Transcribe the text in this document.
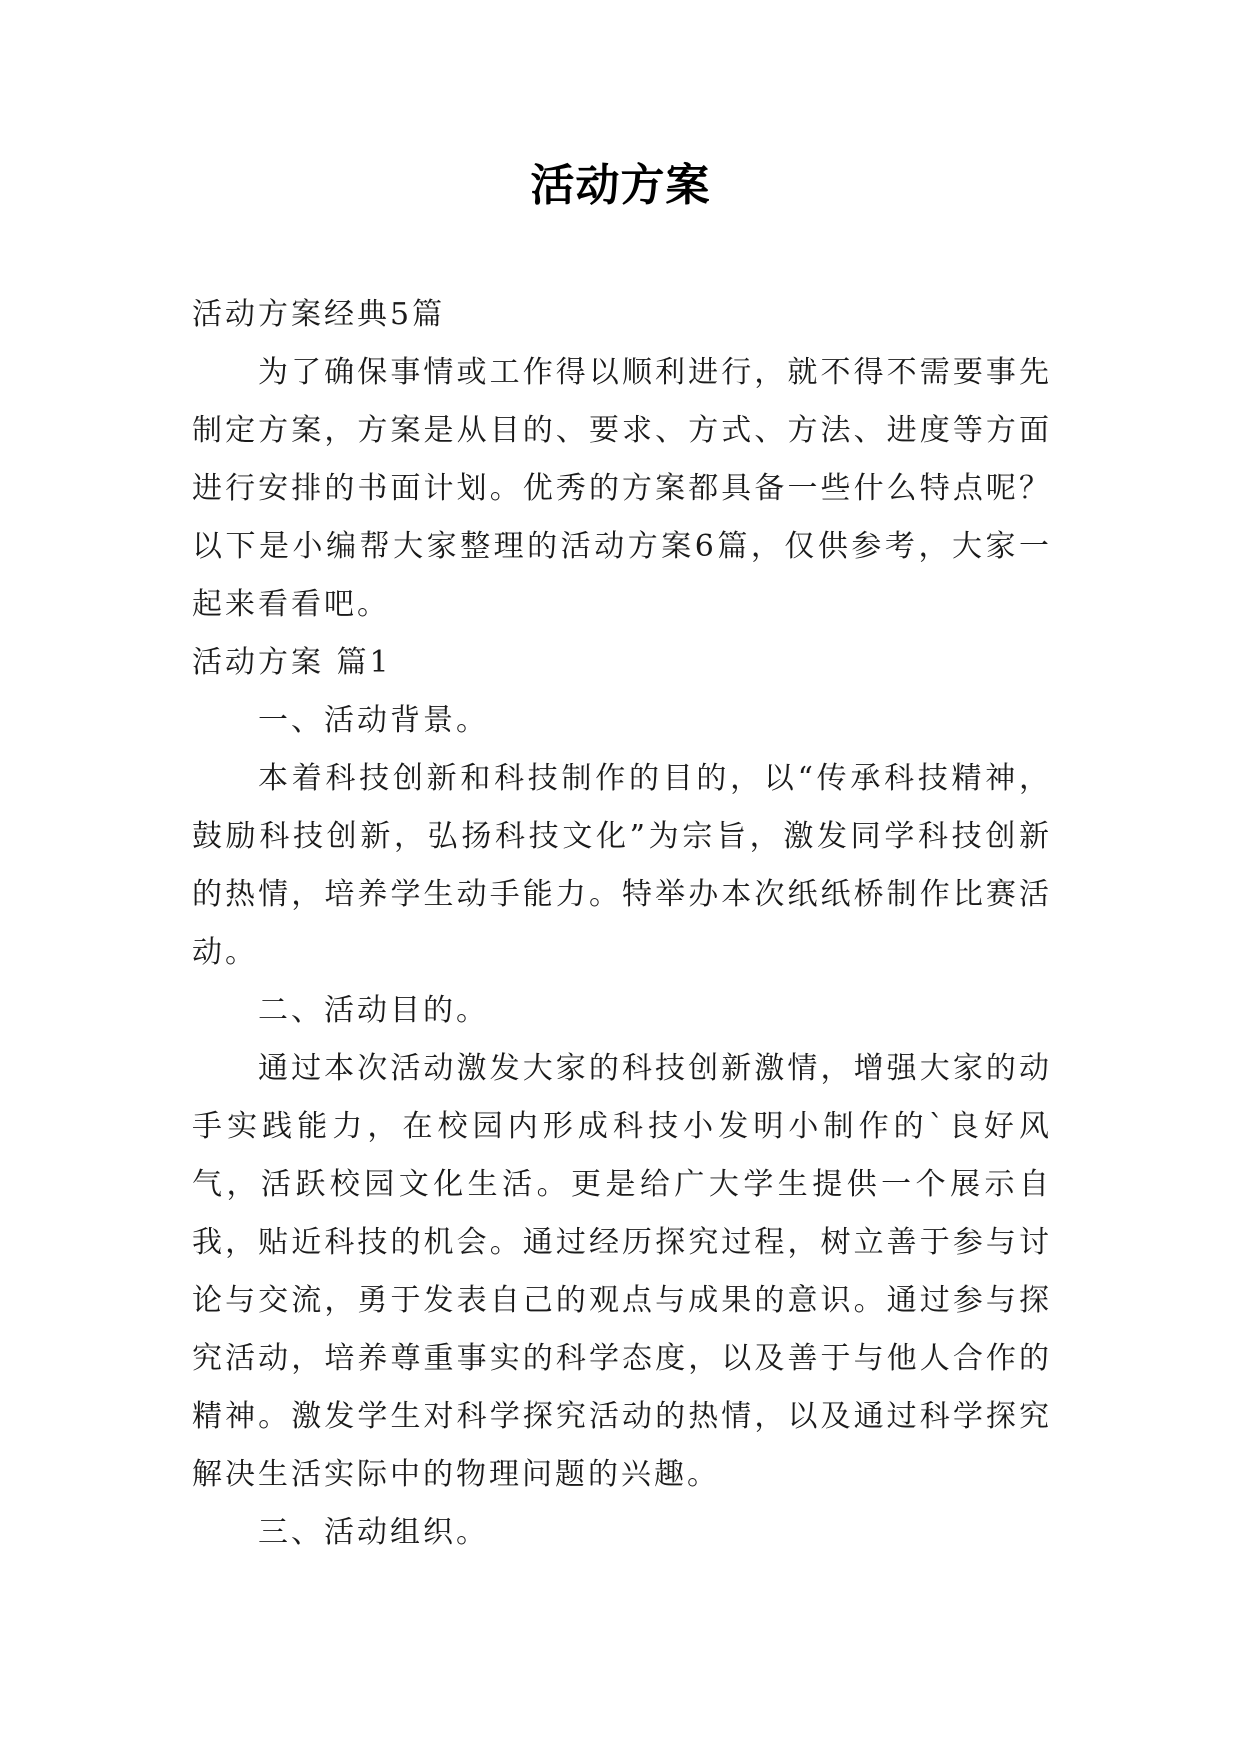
活动方案

活动方案经典5篇

为了确保事情或工作得以顺利进行，就不得不需要事先制定方案，方案是从目的、要求、方式、方法、进度等方面进行安排的书面计划。优秀的方案都具备一些什么特点呢？以下是小编帮大家整理的活动方案6篇，仅供参考，大家一起来看看吧。

活动方案 篇1

一、活动背景。

本着科技创新和科技制作的目的，以“传承科技精神，鼓励科技创新，弘扬科技文化”为宗旨，激发同学科技创新的热情，培养学生动手能力。特举办本次纸纸桥制作比赛活动。

二、活动目的。

通过本次活动激发大家的科技创新激情，增强大家的动手实践能力，在校园内形成科技小发明小制作的`良好风气，活跃校园文化生活。更是给广大学生提供一个展示自我，贴近科技的机会。通过经历探究过程，树立善于参与讨论与交流，勇于发表自己的观点与成果的意识。通过参与探究活动，培养尊重事实的科学态度，以及善于与他人合作的精神。激发学生对科学探究活动的热情，以及通过科学探究解决生活实际中的物理问题的兴趣。

三、活动组织。
